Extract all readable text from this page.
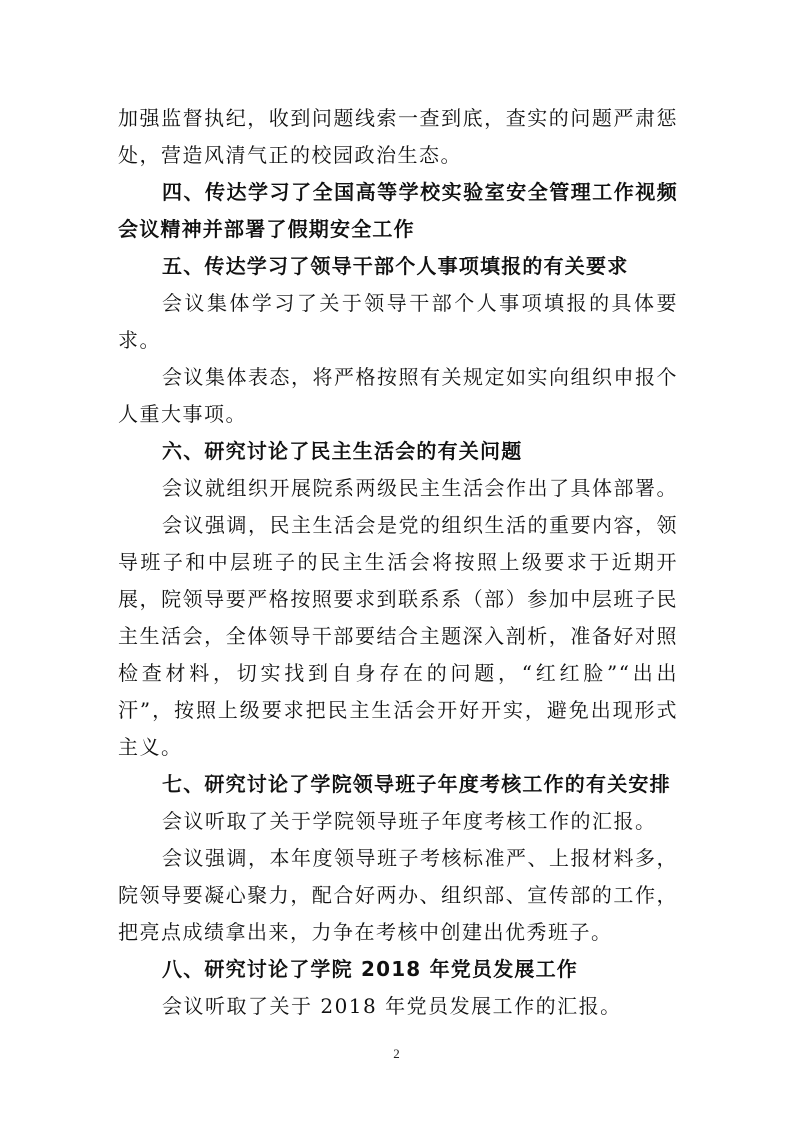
加强监督执纪，收到问题线索一查到底，查实的问题严肃惩处，营造风清气正的校园政治生态。

四、传达学习了全国高等学校实验室安全管理工作视频会议精神并部署了假期安全工作

五、传达学习了领导干部个人事项填报的有关要求

会议集体学习了关于领导干部个人事项填报的具体要求。

会议集体表态，将严格按照有关规定如实向组织申报个人重大事项。

六、研究讨论了民主生活会的有关问题

会议就组织开展院系两级民主生活会作出了具体部署。

会议强调，民主生活会是党的组织生活的重要内容，领导班子和中层班子的民主生活会将按照上级要求于近期开展，院领导要严格按照要求到联系系（部）参加中层班子民主生活会，全体领导干部要结合主题深入剖析，准备好对照检查材料，切实找到自身存在的问题，“红红脸”“出出汗”，按照上级要求把民主生活会开好开实，避免出现形式主义。

七、研究讨论了学院领导班子年度考核工作的有关安排

会议听取了关于学院领导班子年度考核工作的汇报。

会议强调，本年度领导班子考核标准严、上报材料多，院领导要凝心聚力，配合好两办、组织部、宣传部的工作，把亮点成绩拿出来，力争在考核中创建出优秀班子。

八、研究讨论了学院 2018 年党员发展工作

会议听取了关于 2018 年党员发展工作的汇报。

2
